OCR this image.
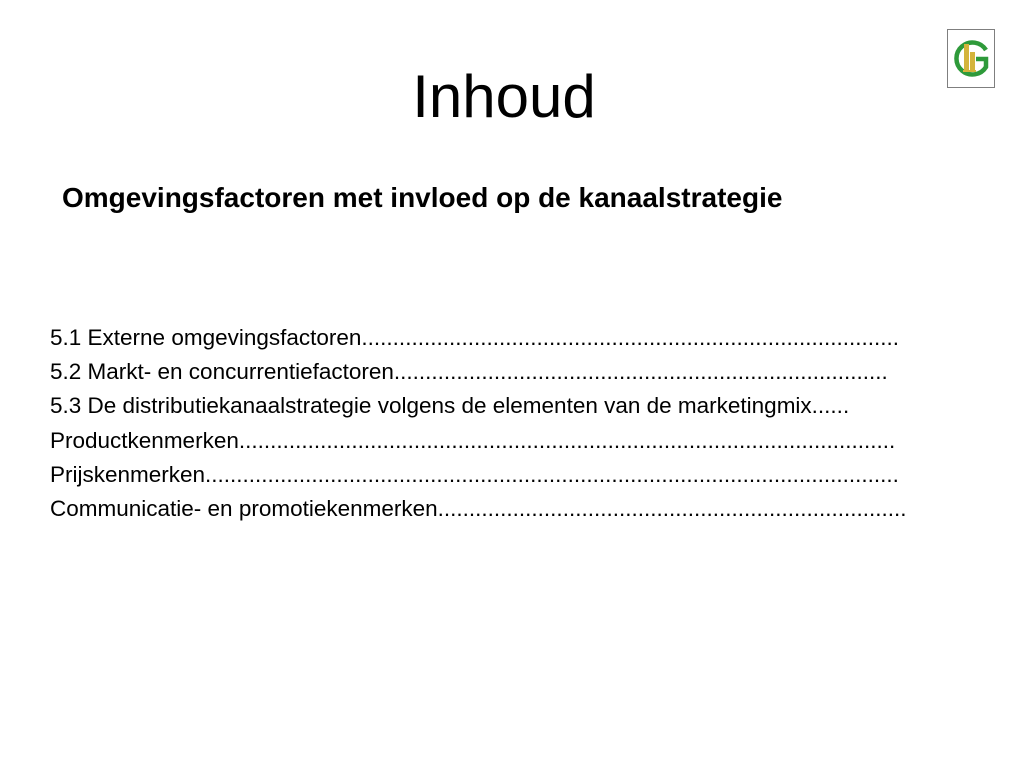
Inhoud
Omgevingsfactoren met invloed op de kanaalstrategie
5.1 Externe omgevingsfactoren......................................................................................
5.2 Markt- en concurrentiefactoren...............................................................................
5.3 De distributiekanaalstrategie volgens de elementen van de marketingmix......
Productkenmerken.........................................................................................................
Prijskenmerken...............................................................................................................
Communicatie- en promotiekenmerken...........................................................................
